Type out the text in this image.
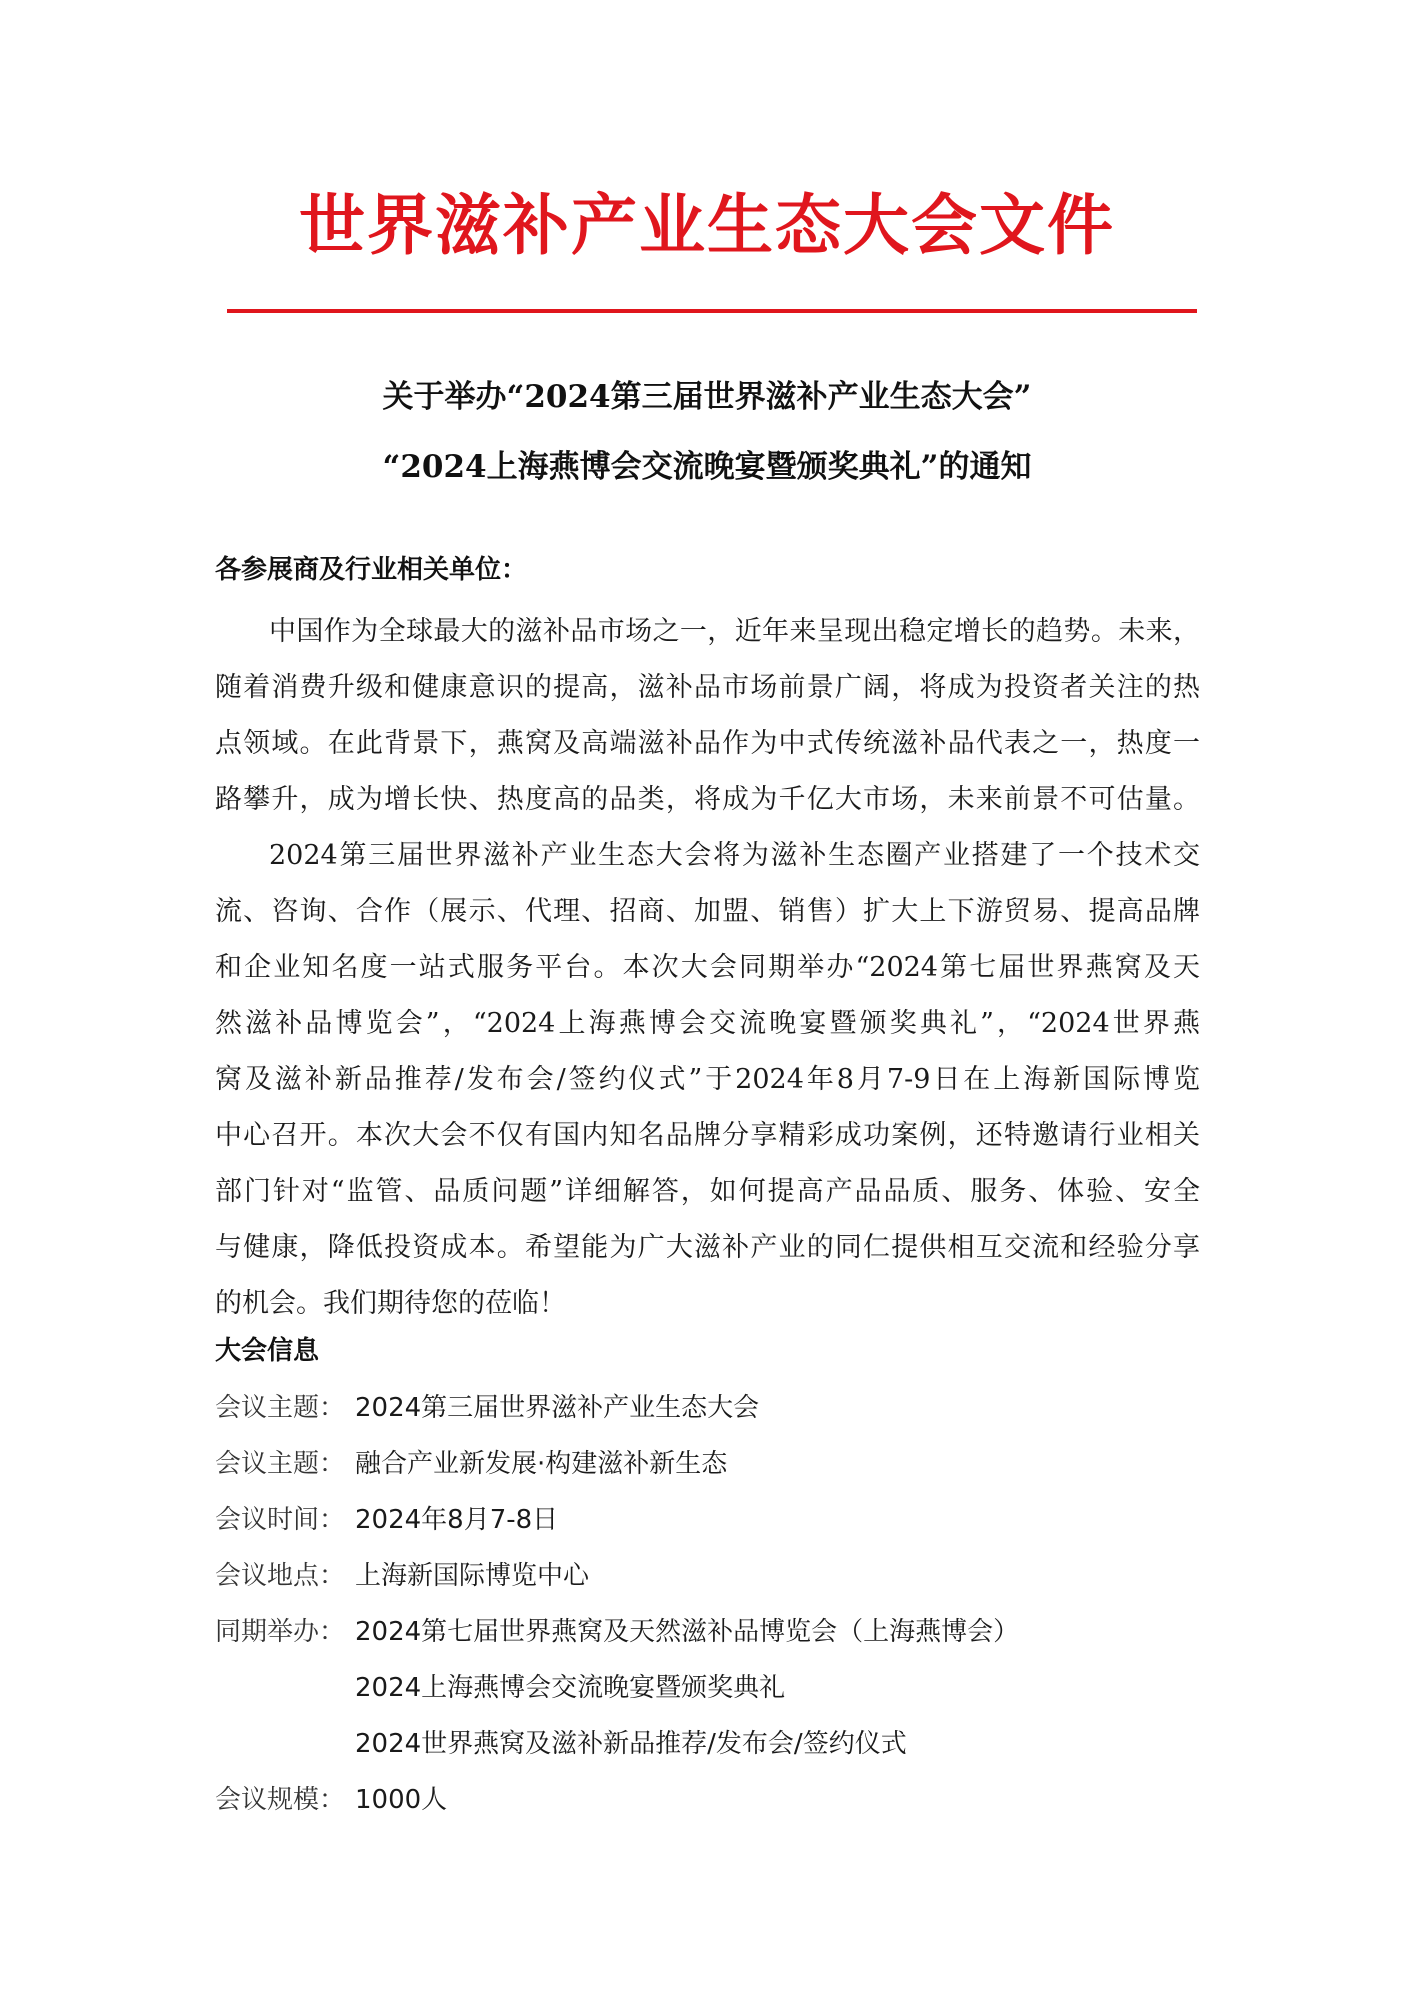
世界滋补产业生态大会文件
关于举办“2024第三届世界滋补产业生态大会”
“2024上海燕博会交流晚宴暨颁奖典礼”的通知
各参展商及行业相关单位：
中国作为全球最大的滋补品市场之一，近年来呈现出稳定增长的趋势。未来，
随着消费升级和健康意识的提高，滋补品市场前景广阔，将成为投资者关注的热
点领域。在此背景下，燕窝及高端滋补品作为中式传统滋补品代表之一，热度一
路攀升，成为增长快、热度高的品类，将成为千亿大市场，未来前景不可估量。
2024第三届世界滋补产业生态大会将为滋补生态圈产业搭建了一个技术交
流、咨询、合作（展示、代理、招商、加盟、销售）扩大上下游贸易、提高品牌
和企业知名度一站式服务平台。本次大会同期举办“2024第七届世界燕窝及天
然滋补品博览会”，“2024上海燕博会交流晚宴暨颁奖典礼”，“2024世界燕
窝及滋补新品推荐/发布会/签约仪式”于2024年8月7-9日在上海新国际博览
中心召开。本次大会不仅有国内知名品牌分享精彩成功案例，还特邀请行业相关
部门针对“监管、品质问题”详细解答，如何提高产品品质、服务、体验、安全
与健康，降低投资成本。希望能为广大滋补产业的同仁提供相互交流和经验分享
的机会。我们期待您的莅临！
大会信息
会议主题： 2024第三届世界滋补产业生态大会
会议主题： 融合产业新发展·构建滋补新生态
会议时间： 2024年8月7-8日
会议地点： 上海新国际博览中心
同期举办： 2024第七届世界燕窝及天然滋补品博览会（上海燕博会）
2024上海燕博会交流晚宴暨颁奖典礼
2024世界燕窝及滋补新品推荐/发布会/签约仪式
会议规模： 1000人
